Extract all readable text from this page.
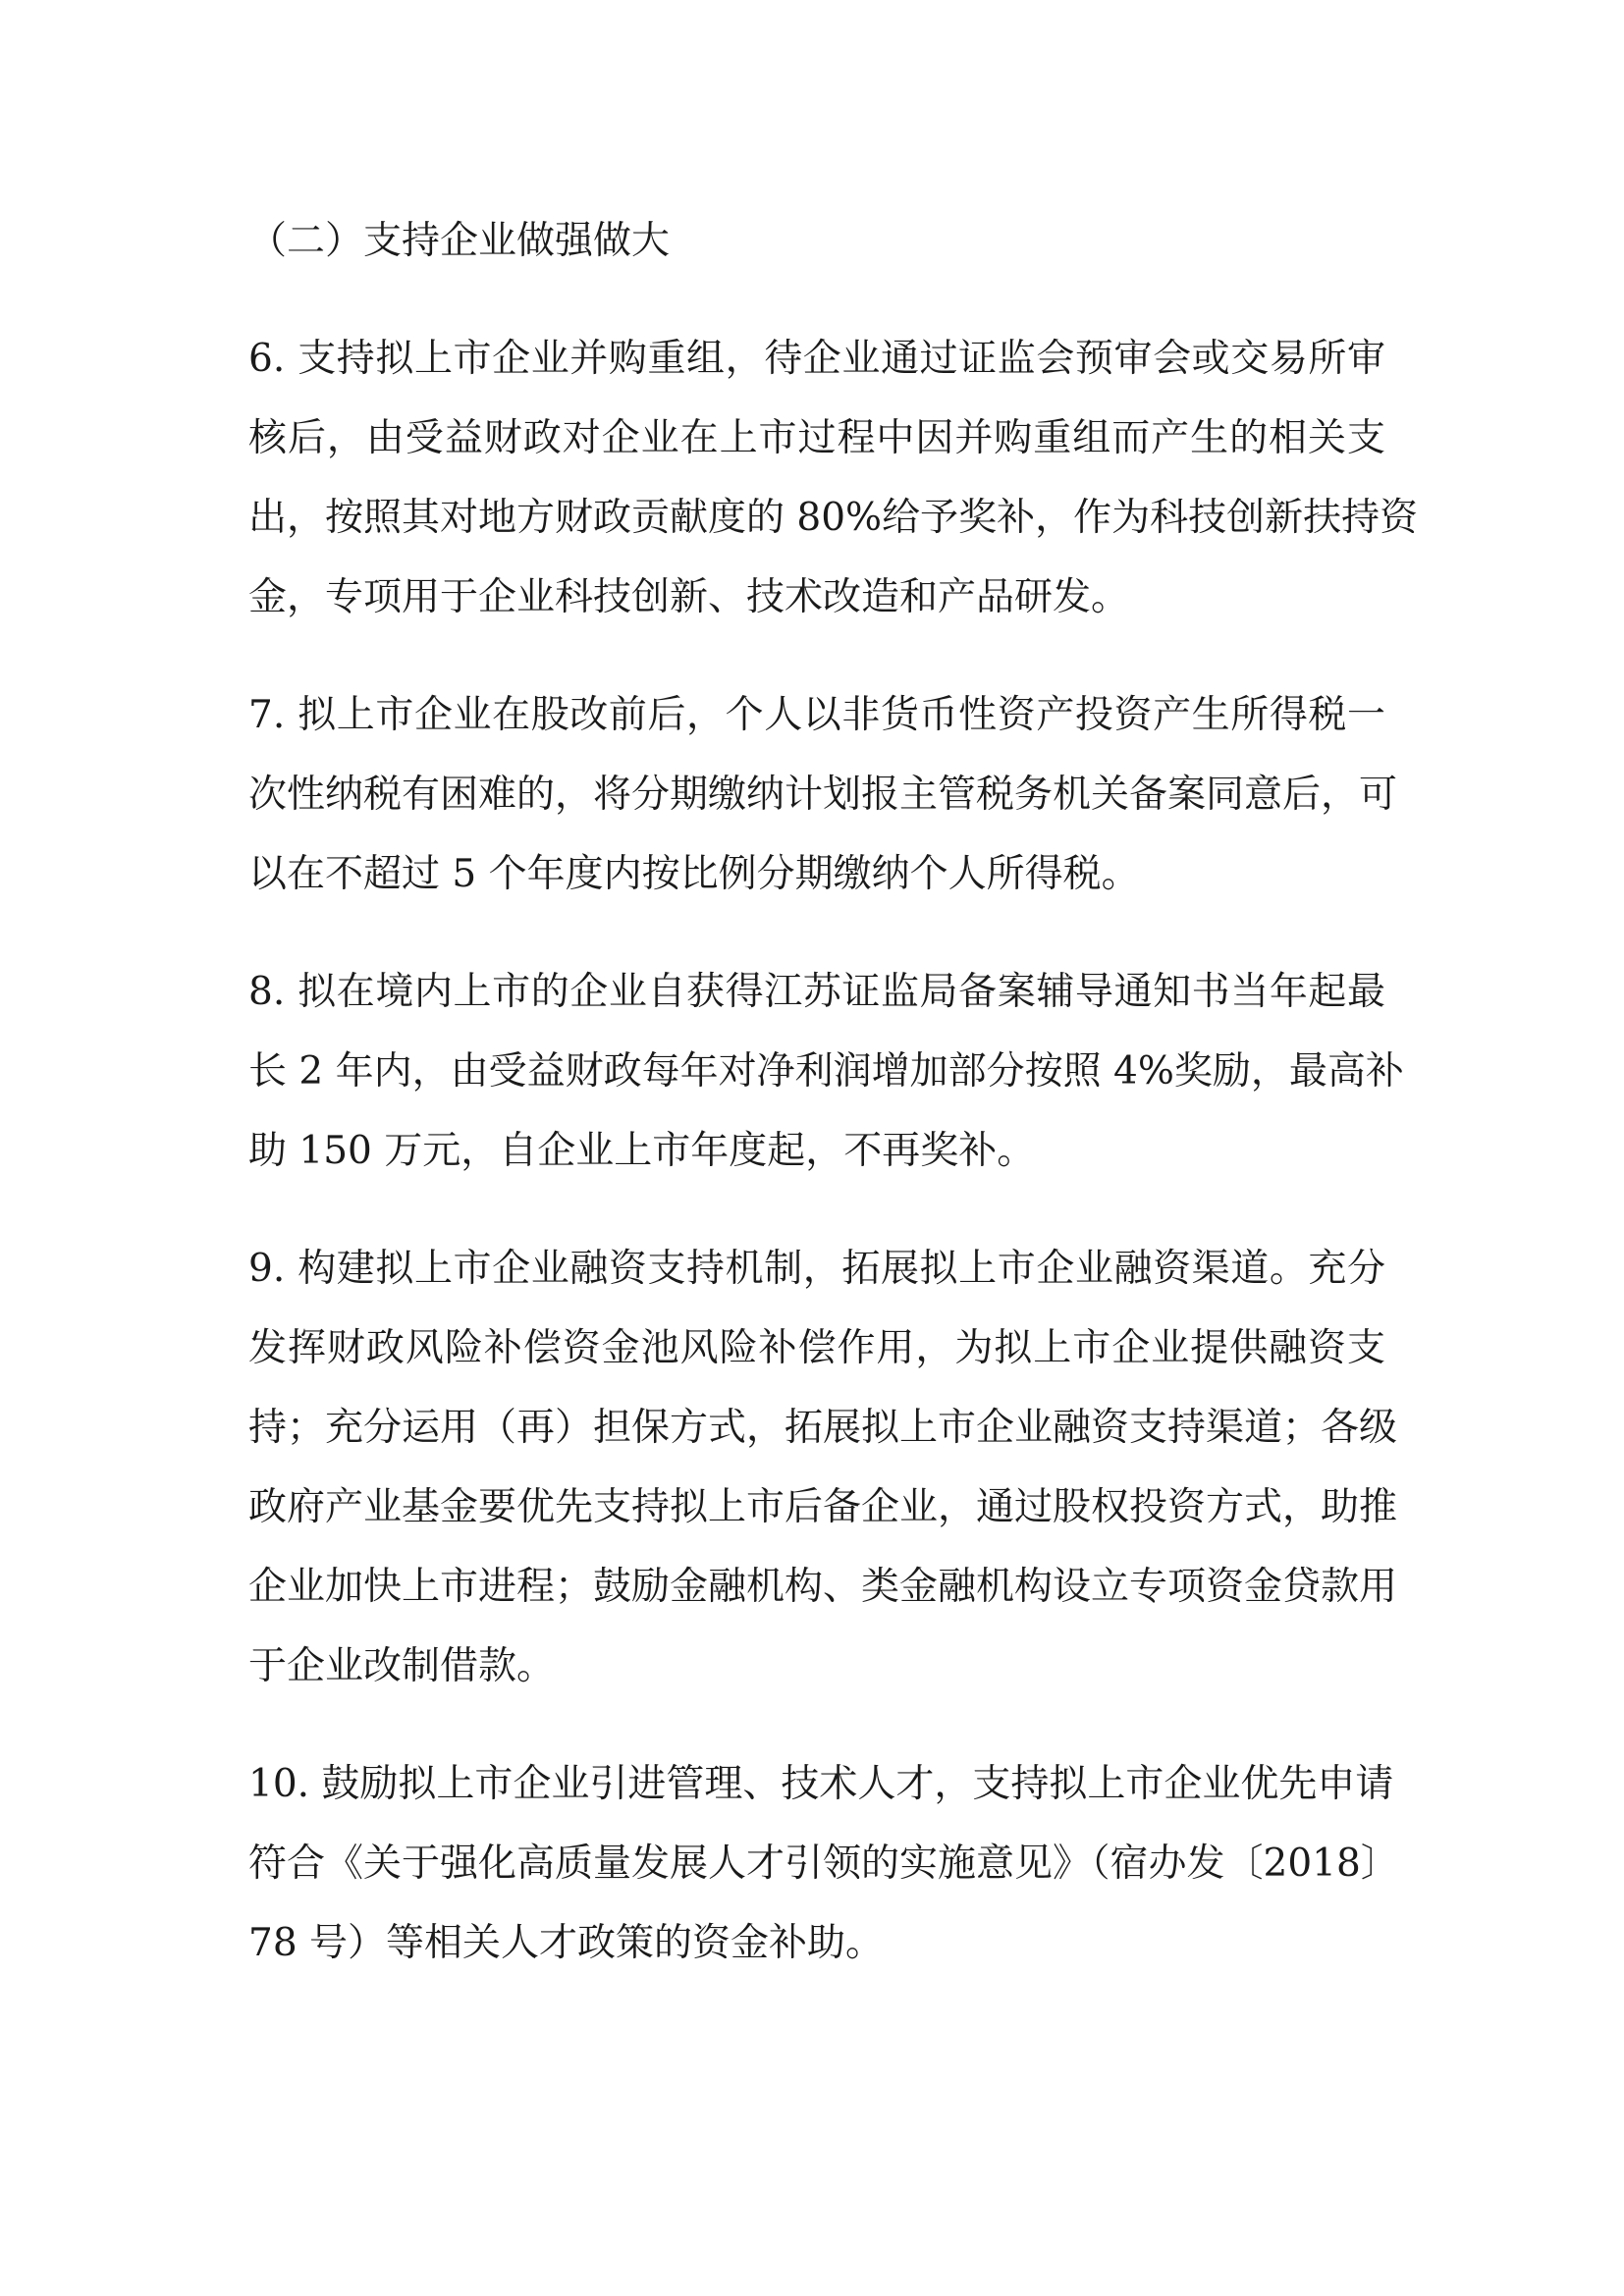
（二）支持企业做强做大
6. 支持拟上市企业并购重组，待企业通过证监会预审会或交易所审
核后，由受益财政对企业在上市过程中因并购重组而产生的相关支
出，按照其对地方财政贡献度的 80%给予奖补，作为科技创新扶持资
金，专项用于企业科技创新、技术改造和产品研发。
7. 拟上市企业在股改前后，个人以非货币性资产投资产生所得税一
次性纳税有困难的，将分期缴纳计划报主管税务机关备案同意后，可
以在不超过 5 个年度内按比例分期缴纳个人所得税。
8. 拟在境内上市的企业自获得江苏证监局备案辅导通知书当年起最
长 2 年内，由受益财政每年对净利润增加部分按照 4%奖励，最高补
助 150 万元，自企业上市年度起，不再奖补。
9. 构建拟上市企业融资支持机制，拓展拟上市企业融资渠道。充分
发挥财政风险补偿资金池风险补偿作用，为拟上市企业提供融资支
持；充分运用（再）担保方式，拓展拟上市企业融资支持渠道；各级
政府产业基金要优先支持拟上市后备企业，通过股权投资方式，助推
企业加快上市进程；鼓励金融机构、类金融机构设立专项资金贷款用
于企业改制借款。
10. 鼓励拟上市企业引进管理、技术人才，支持拟上市企业优先申请
符合《关于强化高质量发展人才引领的实施意见》（宿办发〔2018〕
78 号）等相关人才政策的资金补助。
